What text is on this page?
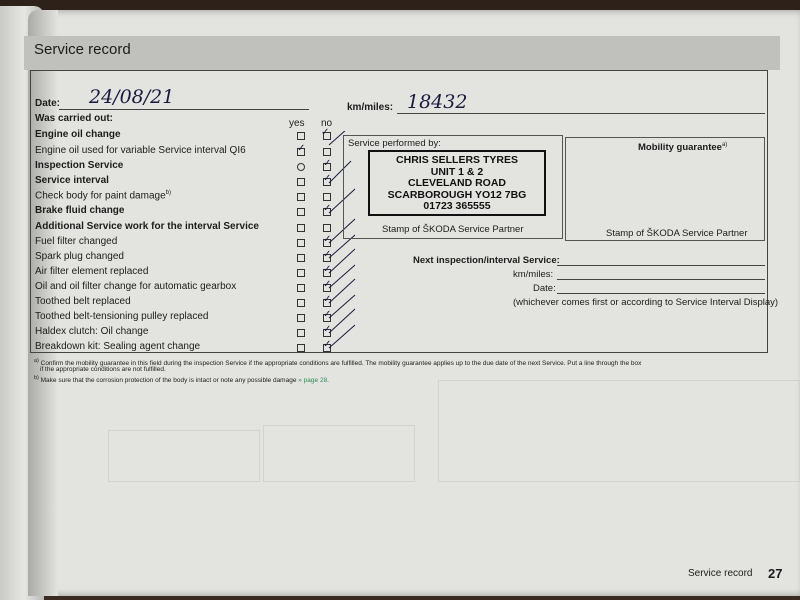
Service record
Date: 24/08/21	km/miles: 18432
Was carried out:	yes no
Engine oil change
Engine oil used for variable Service interval QI6
Inspection Service
Service interval
Check body for paint damage$^{b)}$
Brake fluid change
Additional Service work for the interval Service
Fuel filter changed
Spark plug changed
Air filter element replaced
Oil and oil filter change for automatic gearbox
Toothed belt replaced
Toothed belt-tensioning pulley replaced
Haldex clutch: Oil change
Breakdown kit: Sealing agent change
✓
✓
✓
✓
✓
✓
✓
✓
✓
✓
✓
✓
✓
Service performed by:
CHRIS SELLERS TYRES
UNIT 1 & 2
CLEVELAND ROAD
SCARBOROUGH YO12 7BG
01723 365555
Stamp of ŠKODA Service Partner
Mobility guarantee$^{a)}$
Stamp of ŠKODA Service Partner
Next inspection/interval Service:
km/miles:
Date:
(whichever comes first or according to Service Interval Display)
$^{a)}$ Confirm the mobility guarantee in this field during the inspection Service if the appropriate conditions are fulfilled. The mobility guarantee applies up to the due date of the next Service. Put a line through the box
if the appropriate conditions are not fulfilled.
$^{b)}$ Make sure that the corrosion protection of the body is intact or note any possible damage » page 28.
Service record 27
